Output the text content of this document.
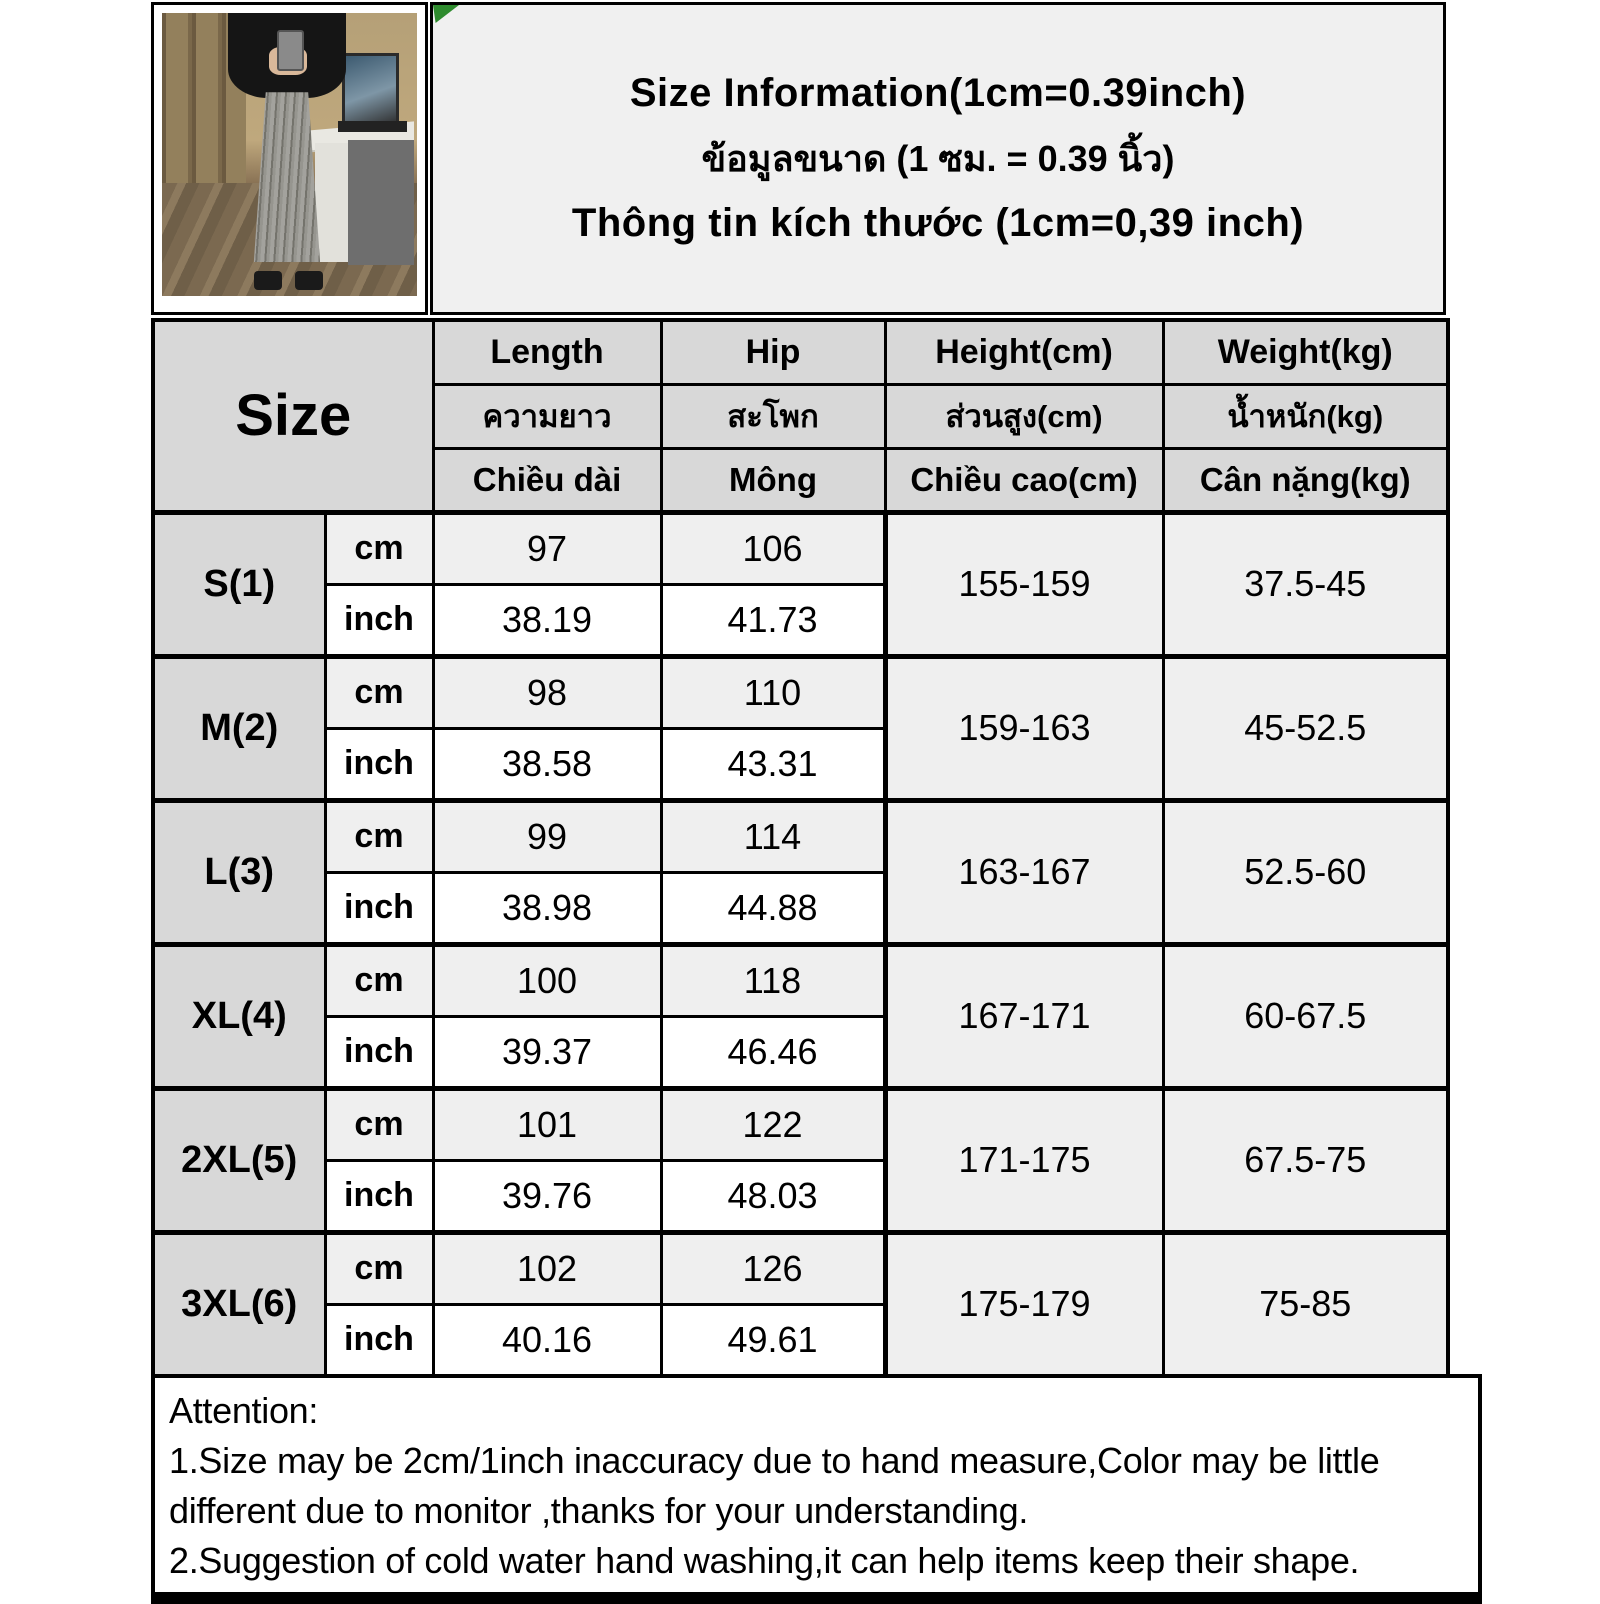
Size Information(1cm=0.39inch)
ข้อมูลขนาด (1 ซม. = 0.39 นิ้ว)
Thông tin kích thước (1cm=0,39 inch)
Size		Length	Hip	Height(cm)	Weight(kg)
		ความยาว	สะโพก	ส่วนสูง(cm)	น้ำหนัก(kg)
		Chiều dài	Mông	Chiều cao(cm)	Cân nặng(kg)
S(1)	cm	97	106	155-159	37.5-45
	inch	38.19	41.73		
M(2)	cm	98	110	159-163	45-52.5
	inch	38.58	43.31		
L(3)	cm	99	114	163-167	52.5-60
	inch	38.98	44.88		
XL(4)	cm	100	118	167-171	60-67.5
	inch	39.37	46.46		
2XL(5)	cm	101	122	171-175	67.5-75
	inch	39.76	48.03		
3XL(6)	cm	102	126	175-179	75-85
	inch	40.16	49.61		

Attention:

1.Size may be 2cm/1inch inaccuracy due to hand measure,Color may be little different due to monitor ,thanks for your understanding.

2.Suggestion of cold water hand washing,it can help items keep their shape.
